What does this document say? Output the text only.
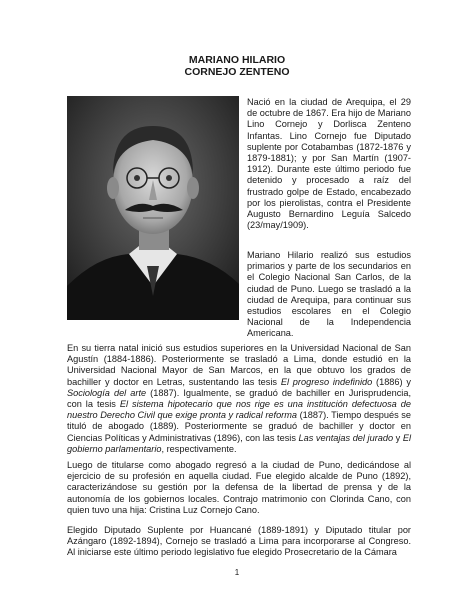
MARIANO HILARIO
CORNEJO ZENTENO

Nació en la ciudad de Arequipa, el 29 de octubre de 1867. Era hijo de Mariano Lino Cornejo y Dorlisca Zenteno Infantas. Lino Cornejo fue Diputado suplente por Cotabambas (1872-1876 y 1879-1881); y por San Martín (1907-1912). Durante este último periodo fue detenido y procesado a raíz del frustrado golpe de Estado, encabezado por los pierolistas, contra el Presidente Augusto Bernardino Leguía Salcedo (23/may/1909).

Mariano Hilario realizó sus estudios primarios y parte de los secundarios en el Colegio Nacional San Carlos, de la ciudad de Puno. Luego se trasladó a la ciudad de Arequipa, para continuar sus estudios escolares en el Colegio Nacional de la Independencia Americana.

En su tierra natal inició sus estudios superiores en la Universidad Nacional de San Agustín (1884-1886). Posteriormente se trasladó a Lima, donde estudió en la Universidad Nacional Mayor de San Marcos, en la que obtuvo los grados de bachiller y doctor en Letras, sustentando las tesis El progreso indefinido (1886) y Sociología del arte (1887). Igualmente, se graduó de bachiller en Jurisprudencia, con la tesis El sistema hipotecario que nos rige es una institución defectuosa de nuestro Derecho Civil que exige pronta y radical reforma (1887). Tiempo después se tituló de abogado (1889). Posteriormente se graduó de bachiller y doctor en Ciencias Políticas y Administrativas (1896), con las tesis Las ventajas del jurado y El gobierno parlamentario, respectivamente.

Luego de titularse como abogado regresó a la ciudad de Puno, dedicándose al ejercicio de su profesión en aquella ciudad. Fue elegido alcalde de Puno (1892), caracterizándose su gestión por la defensa de la libertad de prensa y de la autonomía de los gobiernos locales. Contrajo matrimonio con Clorinda Cano, con quien tuvo una hija: Cristina Luz Cornejo Cano.

Elegido Diputado Suplente por Huancané (1889-1891) y Diputado titular por Azángaro (1892-1894), Cornejo se trasladó a Lima para incorporarse al Congreso. Al iniciarse este último periodo legislativo fue elegido Prosecretario de la Cámara

1
